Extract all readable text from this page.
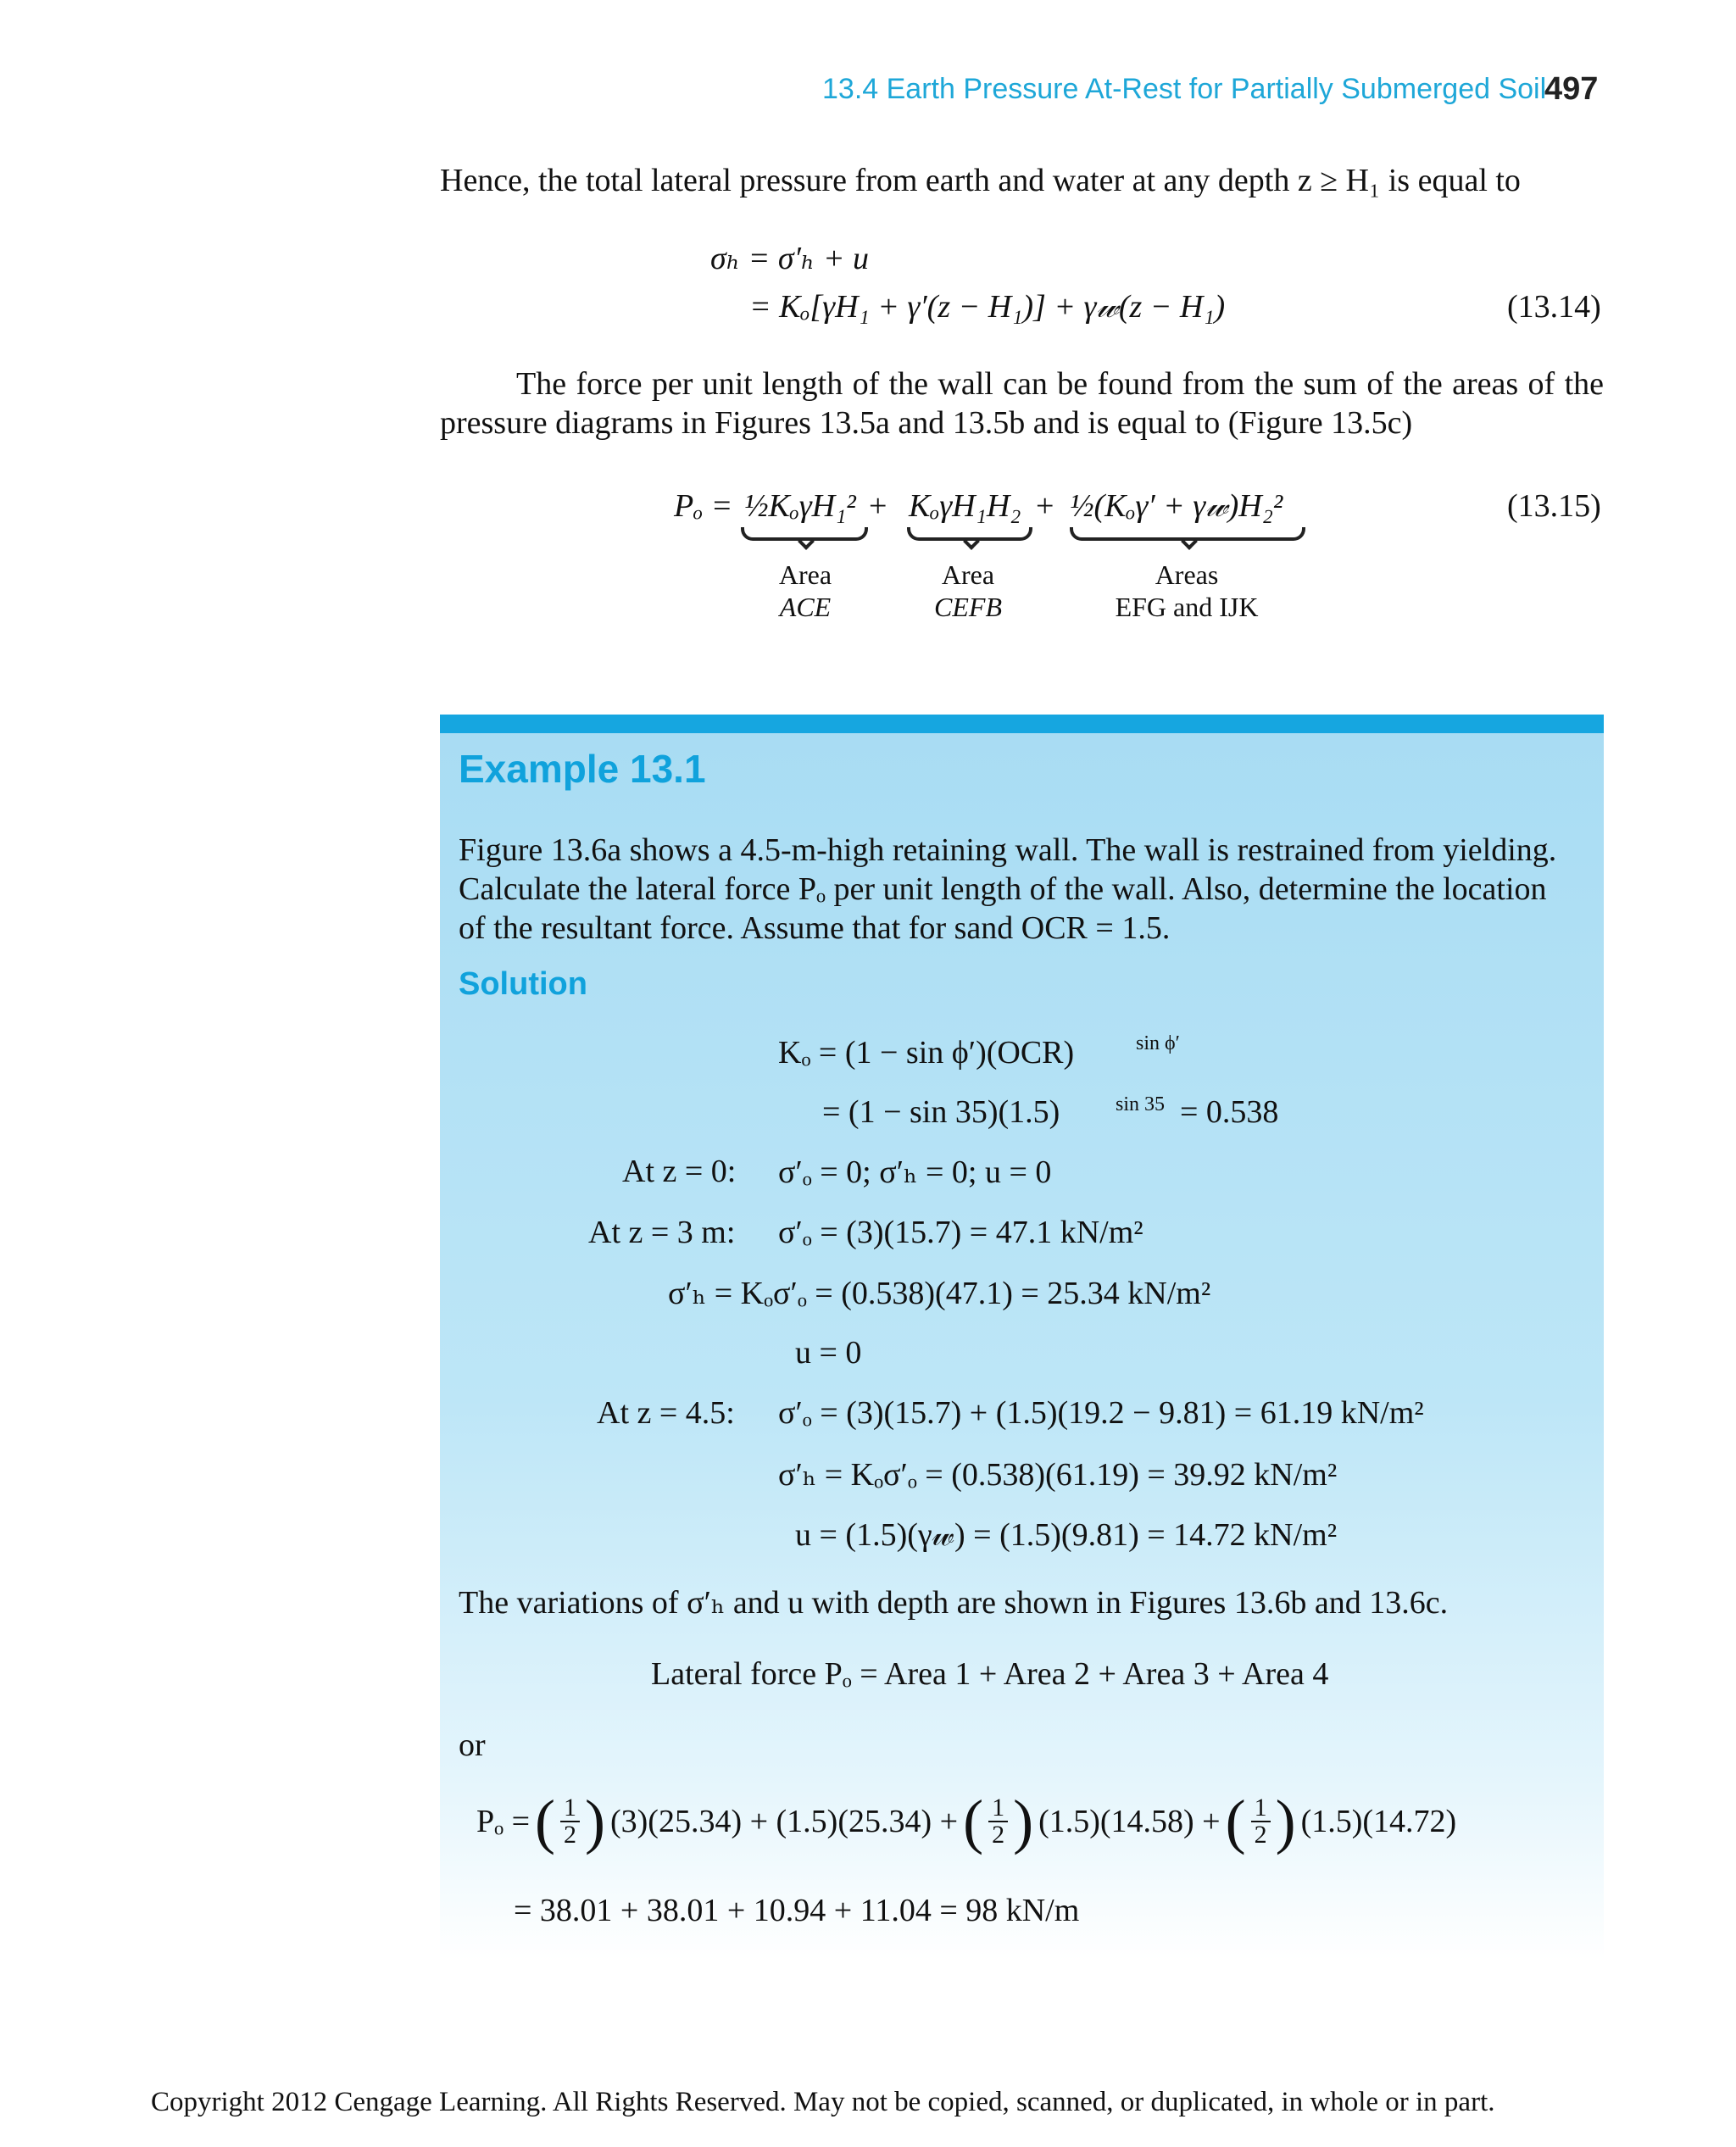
13.4 Earth Pressure At-Rest for Partially Submerged Soil
497
Hence, the total lateral pressure from earth and water at any depth z ≥ H₁ is equal to
σₕ = σ′ₕ + u
= Kₒ[γH₁ + γ′(z − H₁)] + γ𝓌(z − H₁)	(13.14)
The force per unit length of the wall can be found from the sum of the areas of the pressure diagrams in Figures 13.5a and 13.5b and is equal to (Figure 13.5c)
Pₒ = ½KₒγH₁² + KₒγH₁H₂ + ½(Kₒγ′ + γ𝓌)H₂²	(13.15)
Area
ACE
Area
CEFB
Areas
EFG and IJK
Example 13.1
Figure 13.6a shows a 4.5-m-high retaining wall. The wall is restrained from yielding. Calculate the lateral force Pₒ per unit length of the wall. Also, determine the location of the resultant force. Assume that for sand OCR = 1.5.
Solution
Kₒ = (1 − sin ϕ′)(OCR)	sin ϕ′
= (1 − sin 35)(1.5)	sin 35 = 0.538
At z = 0: σ′ₒ = 0; σ′ₕ = 0; u = 0
At z = 3 m: σ′ₒ = (3)(15.7) = 47.1 kN/m²
σ′ₕ = Kₒσ′ₒ = (0.538)(47.1) = 25.34 kN/m²
u = 0
At z = 4.5: σ′ₒ = (3)(15.7) + (1.5)(19.2 − 9.81) = 61.19 kN/m²
σ′ₕ = Kₒσ′ₒ = (0.538)(61.19) = 39.92 kN/m²
u = (1.5)(γ𝓌) = (1.5)(9.81) = 14.72 kN/m²
The variations of σ′ₕ and u with depth are shown in Figures 13.6b and 13.6c.
Lateral force Pₒ = Area 1 + Area 2 + Area 3 + Area 4
or
Pₒ = ( $\frac{1}{2}$ ) (3)(25.34) + (1.5)(25.34) + ( $\frac{1}{2}$ ) (1.5)(14.58) + ( $\frac{1}{2}$ ) (1.5)(14.72)
= 38.01 + 38.01 + 10.94 + 11.04 = 98 kN/m
Copyright 2012 Cengage Learning. All Rights Reserved. May not be copied, scanned, or duplicated, in whole or in part.
